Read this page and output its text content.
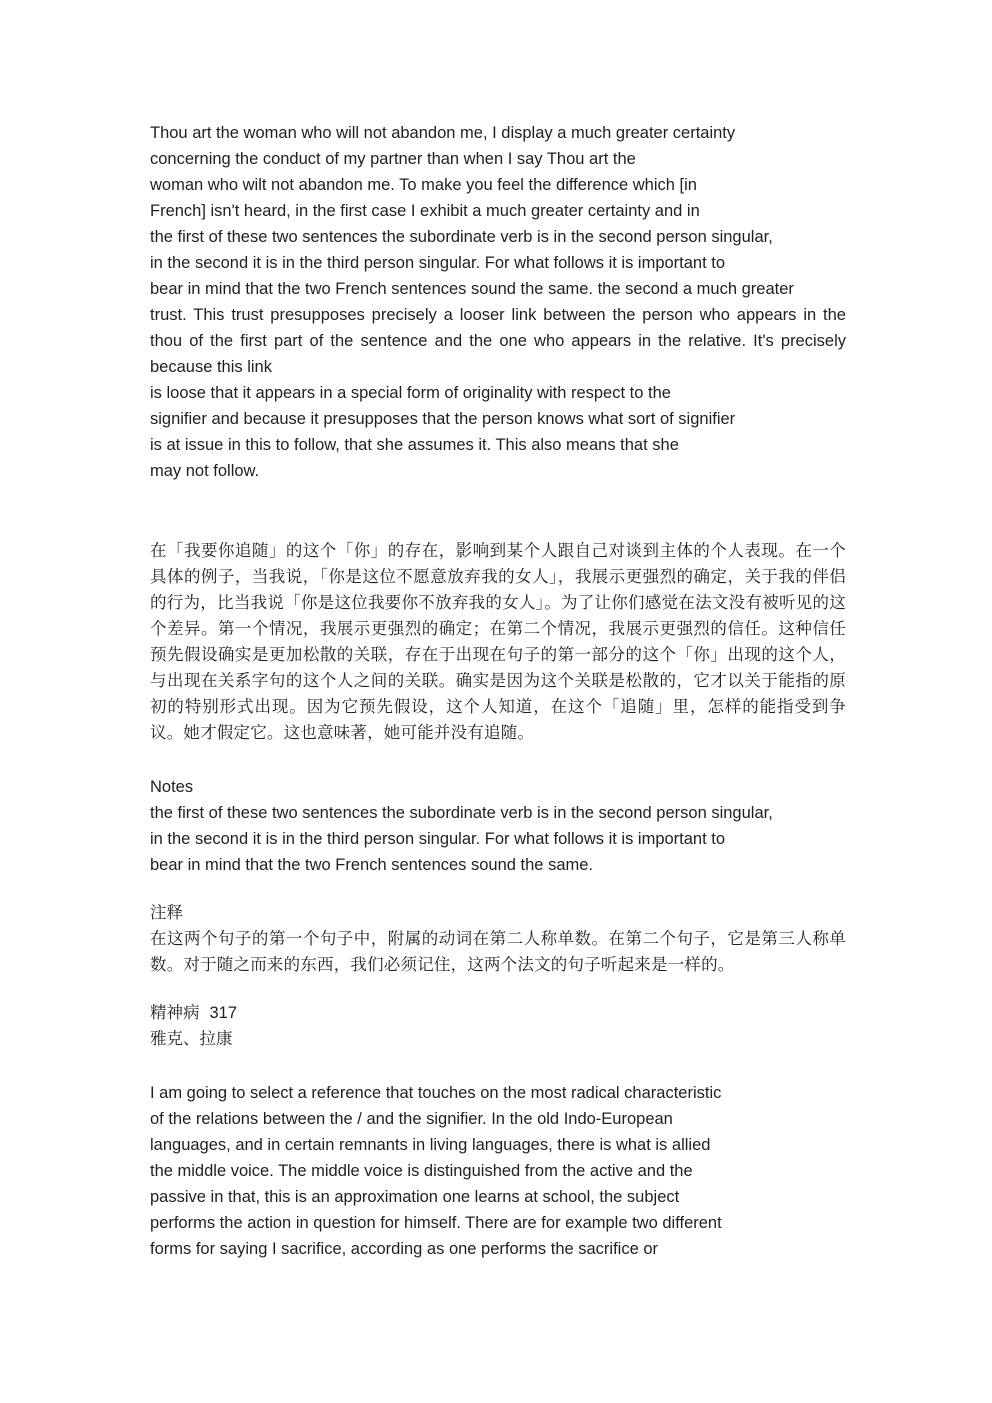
Thou art the woman who will not abandon me, I display a much greater certainty
concerning the conduct of my partner than when I say Thou art the
woman who wilt not abandon me. To make you feel the difference which [in
French] isn't heard, in the first case I exhibit a much greater certainty and in
the first of these two sentences the subordinate verb is in the second person singular,
in the second it is in the third person singular. For what follows it is important to
bear in mind that the two French sentences sound the same. the second a much greater
trust. This trust presupposes precisely a looser link between the person who appears in the thou of the first part of the sentence and the one who appears in the relative. It's precisely because this link
is loose that it appears in a special form of originality with respect to the
signifier and because it presupposes that the person knows what sort of signifier
is at issue in this to follow, that she assumes it. This also means that she
may not follow.
在「我要你追随」的这个「你」的存在，影响到某个人跟自己对谈到主体的个人表现。在一个具体的例子，当我说，「你是这位不愿意放弃我的女人」，我展示更强烈的确定，关于我的伴侣的行为，比当我说「你是这位我要你不放弃我的女人」。为了让你们感觉在法文没有被听见的这个差异。第一个情况，我展示更强烈的确定；在第二个情况，我展示更强烈的信任。这种信任预先假设确实是更加松散的关联，存在于出现在句子的第一部分的这个「你」出现的这个人，与出现在关系字句的这个人之间的关联。确实是因为这个关联是松散的，它才以关于能指的原初的特别形式出现。因为它预先假设，这个人知道，在这个「追随」里，怎样的能指受到争议。她才假定它。这也意味著，她可能并没有追随。
Notes
the first of these two sentences the subordinate verb is in the second person singular,
in the second it is in the third person singular. For what follows it is important to
bear in mind that the two French sentences sound the same.
注释
在这两个句子的第一个句子中，附属的动词在第二人称单数。在第二个句子，它是第三人称单数。对于随之而来的东西，我们必须记住，这两个法文的句子听起来是一样的。
精神病 317
雅克、拉康
I am going to select a reference that touches on the most radical characteristic
of the relations between the / and the signifier. In the old Indo-European
languages, and in certain remnants in living languages, there is what is allied
the middle voice. The middle voice is distinguished from the active and the
passive in that, this is an approximation one learns at school, the subject
performs the action in question for himself. There are for example two different
forms for saying I sacrifice, according as one performs the sacrifice or
